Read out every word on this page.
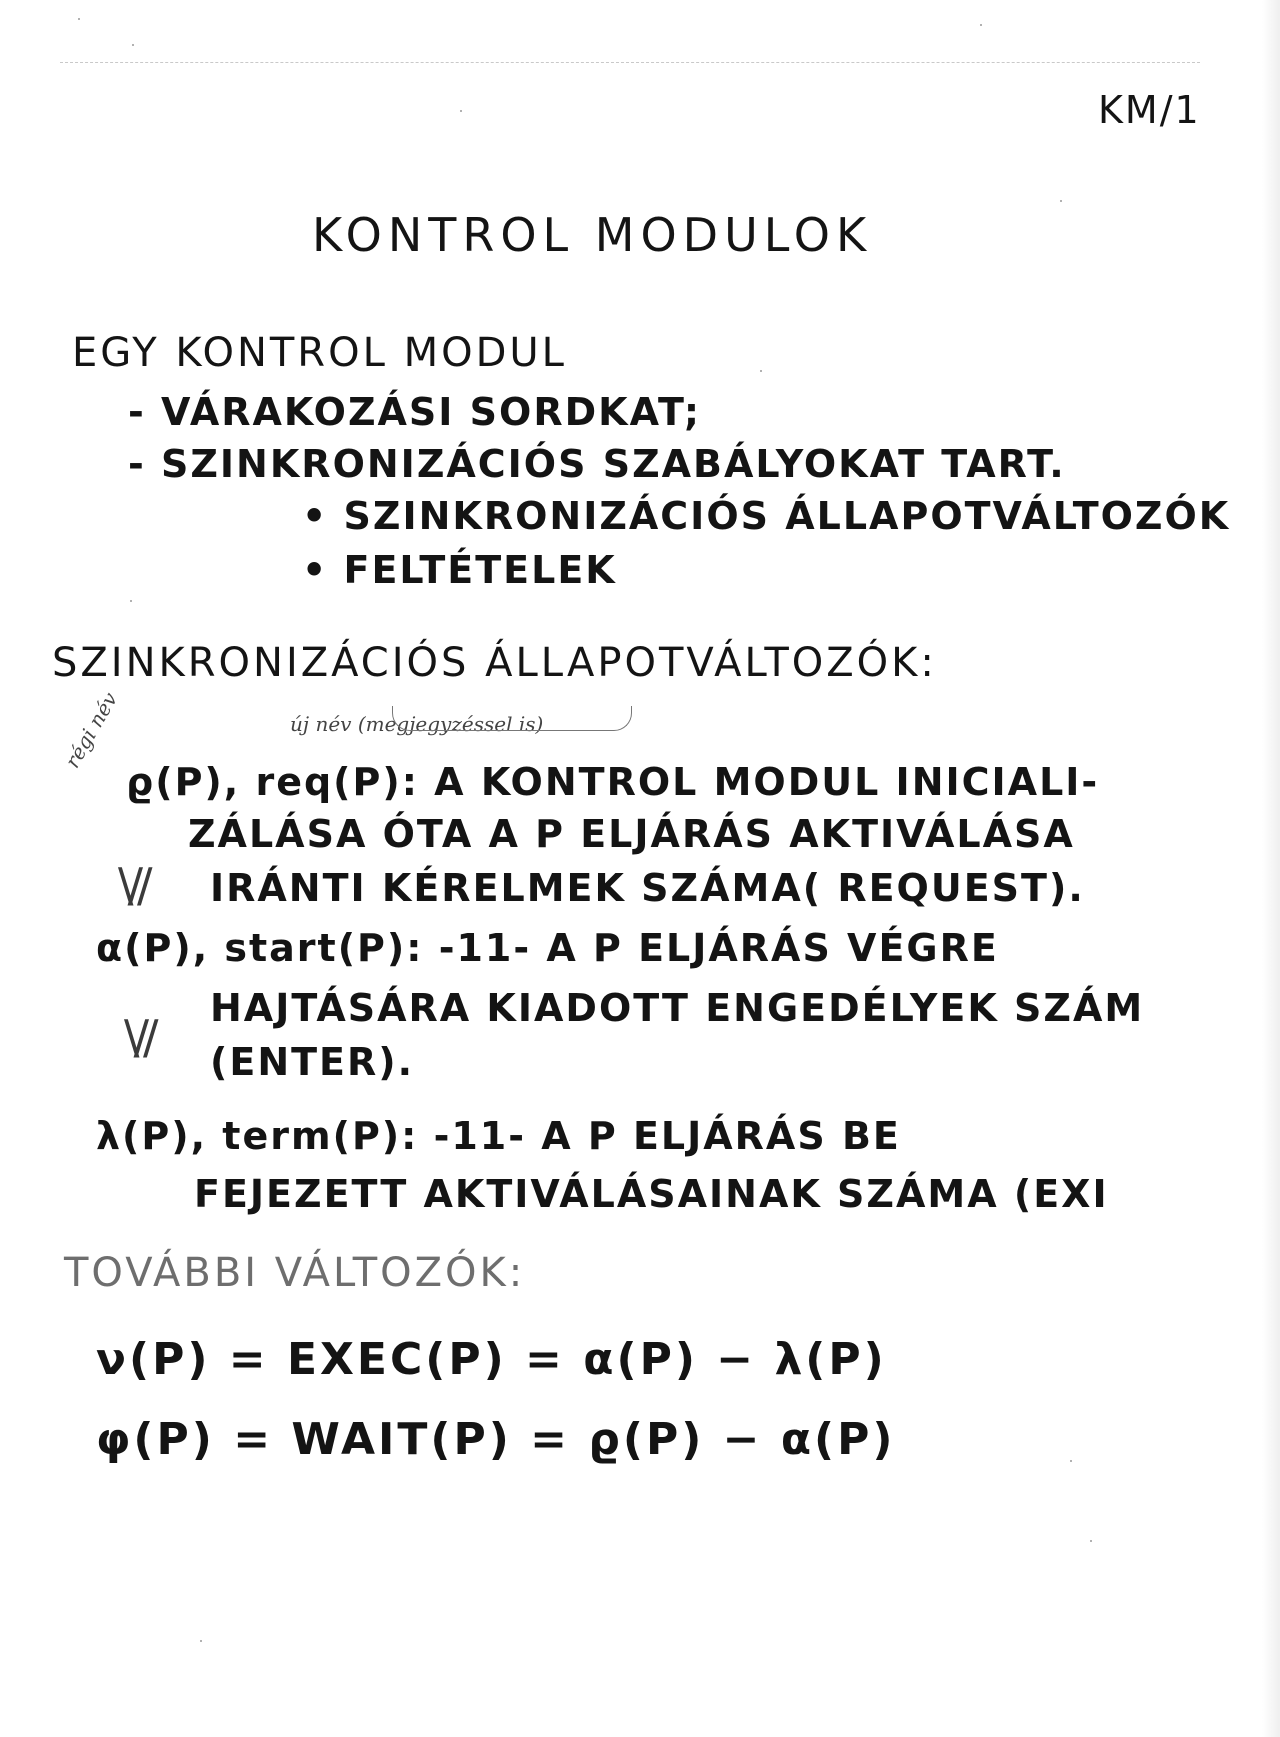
KM/1
KONTROL MODULOK
EGY KONTROL MODUL
- VÁRAKOZÁSI SORDKAT;
- SZINKRONIZÁCIÓS SZABÁLYOKAT TART.
• SZINKRONIZÁCIÓS ÁLLAPOTVÁLTOZÓK
• FELTÉTELEK
SZINKRONIZÁCIÓS ÁLLAPOTVÁLTOZÓK:
új név (megjegyzéssel is)
régi név
ϱ(P), req(P): A KONTROL MODUL INICIALI-
ZÁLÁSA ÓTA A P ELJÁRÁS AKTIVÁLÁSA
\// IRÁNTI KÉRELMEK SZÁMA( REQUEST).
α(P), start(P): -11- A P ELJÁRÁS VÉGRE
HAJTÁSÁRA KIADOTT ENGEDÉLYEK SZÁM
\// (ENTER).
λ(P), term(P): -11- A P ELJÁRÁS BE
FEJEZETT AKTIVÁLÁSAINAK SZÁMA (EXI
TOVÁBBI VÁLTOZÓK:
ν(P) = EXEC(P) = α(P) − λ(P)
φ(P) = WAIT(P) = ϱ(P) − α(P)
